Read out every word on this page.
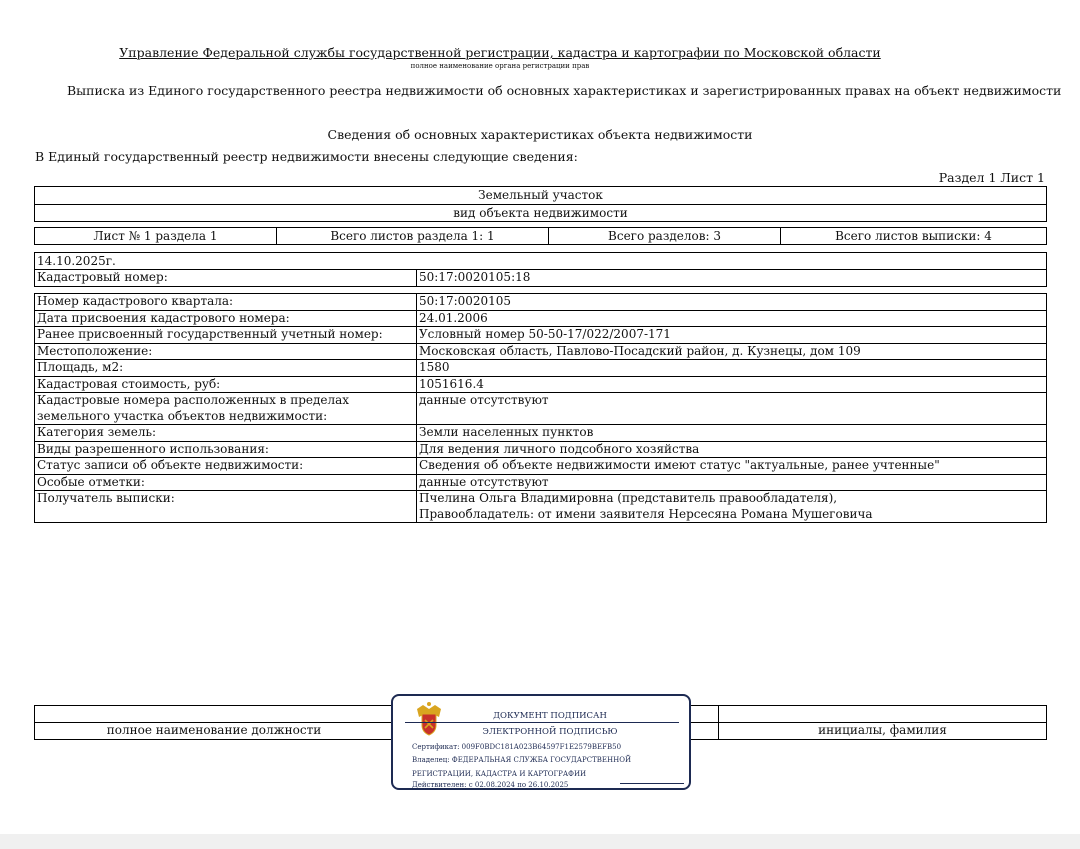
Управление Федеральной службы государственной регистрации, кадастра и картографии по Московской области
полное наименование органа регистрации прав
Выписка из Единого государственного реестра недвижимости об основных характеристиках и зарегистрированных правах на объект недвижимости
Сведения об основных характеристиках объекта недвижимости
В Единый государственный реестр недвижимости внесены следующие сведения:
Раздел 1 Лист 1
Земельный участок
вид объекта недвижимости
Лист № 1 раздела 1	Всего листов раздела 1: 1	Всего разделов: 3	Всего листов выписки: 4
14.10.2025г.
Кадастровый номер:	50:17:0020105:18
Номер кадастрового квартала:	50:17:0020105
Дата присвоения кадастрового номера:	24.01.2006
Ранее присвоенный государственный учетный номер:	Условный номер 50-50-17/022/2007-171
Местоположение:	Московская область, Павлово-Посадский район, д. Кузнецы, дом 109
Площадь, м2:	1580
Кадастровая стоимость, руб:	1051616.4
Кадастровые номера расположенных в пределах земельного участка объектов недвижимости:	данные отсутствуют
Категория земель:	Земли населенных пунктов
Виды разрешенного использования:	Для ведения личного подсобного хозяйства
Статус записи об объекте недвижимости:	Сведения об объекте недвижимости имеют статус "актуальные, ранее учтенные"
Особые отметки:	данные отсутствуют
Получатель выписки:	Пчелина Ольга Владимировна (представитель правообладателя),
Правообладатель: от имени заявителя Нерсесяна Романа Мушеговича

полное наименование должности		инициалы, фамилия
ДОКУМЕНТ ПОДПИСАН
ЭЛЕКТРОННОЙ ПОДПИСЬЮ
Сертификат: 009F0BDC181A023B64597F1E2579BEFB50
Владелец: ФЕДЕРАЛЬНАЯ СЛУЖБА ГОСУДАРСТВЕННОЙ
РЕГИСТРАЦИИ, КАДАСТРА И КАРТОГРАФИИ
Действителен: с 02.08.2024 по 26.10.2025
